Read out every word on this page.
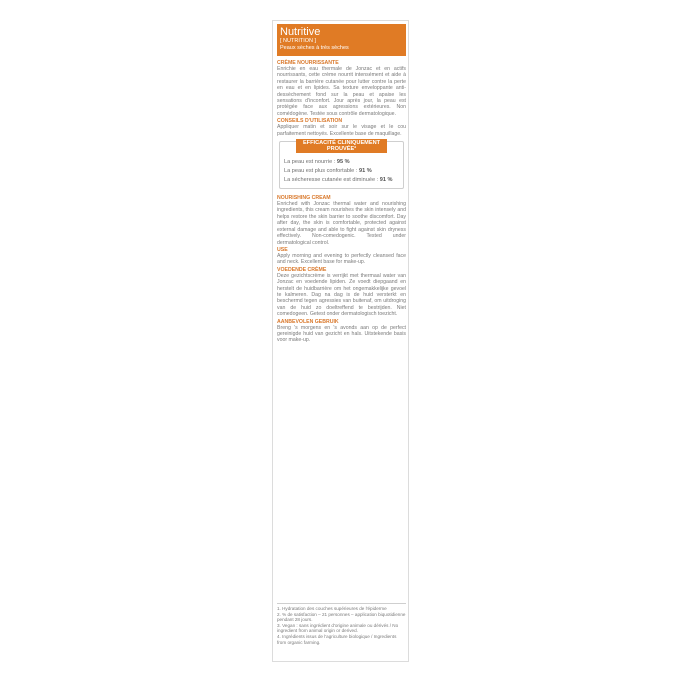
Nutritive
[ NUTRITION ]
Peaux sèches à très sèches
CRÈME NOURRISSANTE
Enrichie en eau thermale de Jonzac et en actifs nourrissants, cette crème nourrit intensément et aide à restaurer la barrière cutanée pour lutter contre la perte en eau et en lipides. Sa texture enveloppante anti-dessèchement fond sur la peau et apaise les sensations d'inconfort. Jour après jour, la peau est protégée face aux agressions extérieures. Non comédogène. Testée sous contrôle dermatologique.
CONSEILS D'UTILISATION
Appliquer matin et soir sur le visage et le cou parfaitement nettoyés. Excellente base de maquillage.
EFFICACITÉ CLINIQUEMENT PROUVÉE²
La peau est nourrie : 95 %
La peau est plus confortable : 91 %
La sécheresse cutanée est diminuée : 91 %
NOURISHING CREAM
Enriched with Jonzac thermal water and nourishing ingredients, this cream nourishes the skin intensely and helps restore the skin barrier to soothe discomfort. Day after day, the skin is comfortable, protected against external damage and able to fight against skin dryness effectively. Non-comedogenic. Tested under dermatological control.
USE
Apply morning and evening to perfectly cleansed face and neck. Excellent base for make-up.
VOEDENDE CRÈME
Deze gezichtscrème is verrijkt met thermaal water van Jonzac en voedende lipiden. Ze voedt diepgaand en herstelt de huidbarrière om het ongemakkelijke gevoel te kalmeren. Dag na dag is de huid versterkt en beschermd tegen agressies van buitenaf, om uitdroging van de huid zo doeltreffend te bestrijden. Niet comedogeen. Getest onder dermatologisch toezicht.
AANBEVOLEN GEBRUIK
Breng 's morgens en 's avonds aan op de perfect gereinigde huid van gezicht en hals. Uitstekende basis voor make-up.
1. Hydratation des couches supérieures de l'épiderme
2. % de satisfaction – 21 personnes – application biquotidienne pendant 28 jours.
3. Vegan : sans ingrédient d'origine animale ou dérivés / No ingredient from animal origin or derived.
4. Ingrédients issus de l'agriculture biologique / Ingredients from organic farming.
